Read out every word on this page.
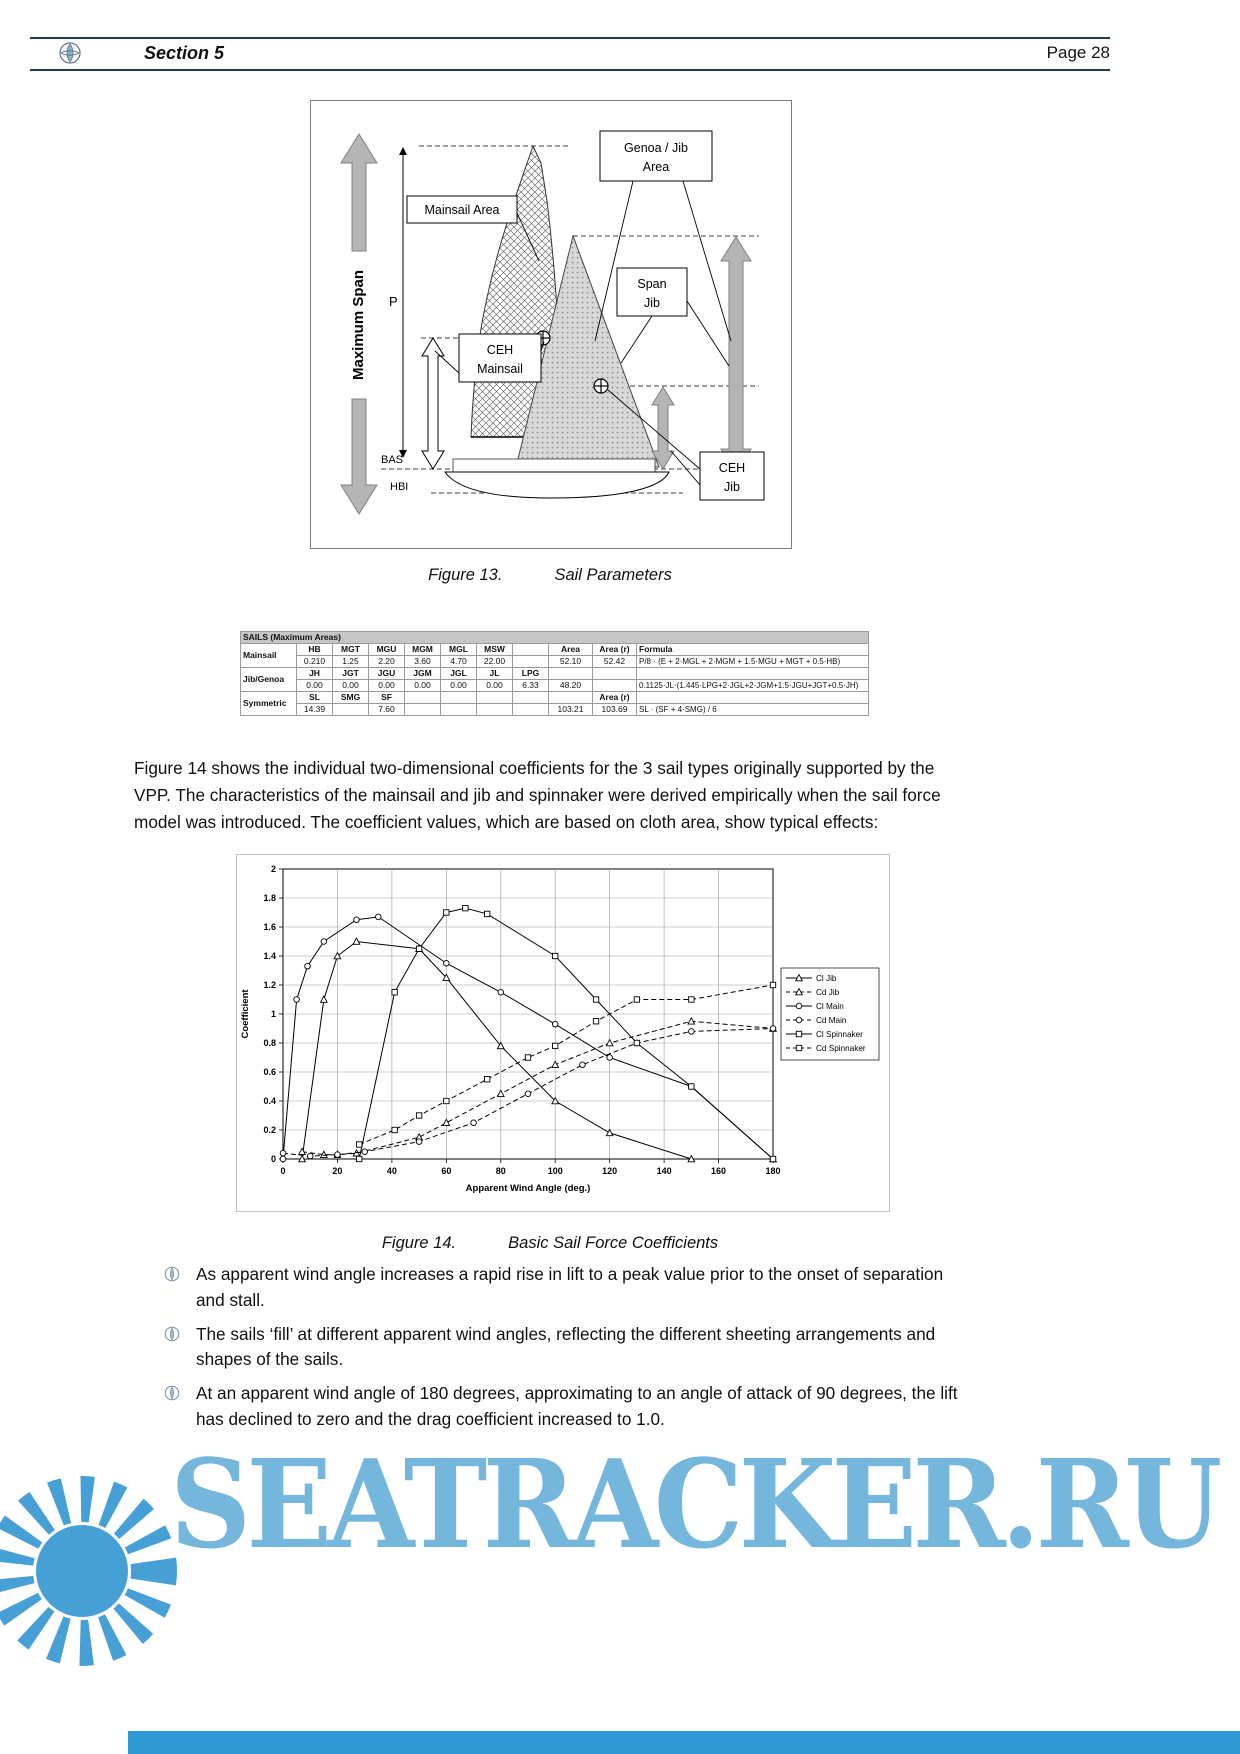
Section 5	Page 28
Maximum Span P
Mainsail Area
Genoa / Jib
Area
Span
Jib
CEH
Mainsail
CEH
Jib
BAS
HBI
Figure 13.	Sail Parameters
SAILS (Maximum Areas)										
Mainsail	HB	MGT	MGU	MGM	MGL	MSW		Area	Area (r)	Formula
	0.210	1.25	2.20	3.60	4.70	22.00		52.10	52.42	P/8 · (E + 2·MGL + 2·MGM + 1.5·MGU + MGT + 0.5·HB)
Jib/Genoa	JH	JGT	JGU	JGM	JGL	JL	LPG			
	0.00	0.00	0.00	0.00	0.00	0.00	6.33	48.20		0.1125·JL·(1.445·LPG+2·JGL+2·JGM+1.5·JGU+JGT+0.5·JH)
Symmetric	SL	SMG	SF						Area (r)	
	14.39		7.60					103.21	103.69	SL · (SF + 4·SMG) / 6

Figure 14 shows the individual two-dimensional coefficients for the 3 sail types originally supported by the VPP. The characteristics of the mainsail and jib and spinnaker were derived empirically when the sail force model was introduced. The coefficient values, which are based on cloth area, show typical effects:

0	20	40	60	80	100	120	140	160	180
0
0.2
0.4
0.6
0.8
1
1.2
1.4
1.6
1.8
2
Apparent Wind Angle (deg.)
Coefficient
Cl Jib
Cd Jib
Cl Main
Cd Main
Cl Spinnaker
Cd Spinnaker
Figure 14.	Basic Sail Force Coefficients
As apparent wind angle increases a rapid rise in lift to a peak value prior to the onset of separation and stall.
The sails ‘fill’ at different apparent wind angles, reflecting the different sheeting arrangements and shapes of the sails.
At an apparent wind angle of 180 degrees, approximating to an angle of attack of 90 degrees, the lift has declined to zero and the drag coefficient increased to 1.0.
SEATRACKER.RU
